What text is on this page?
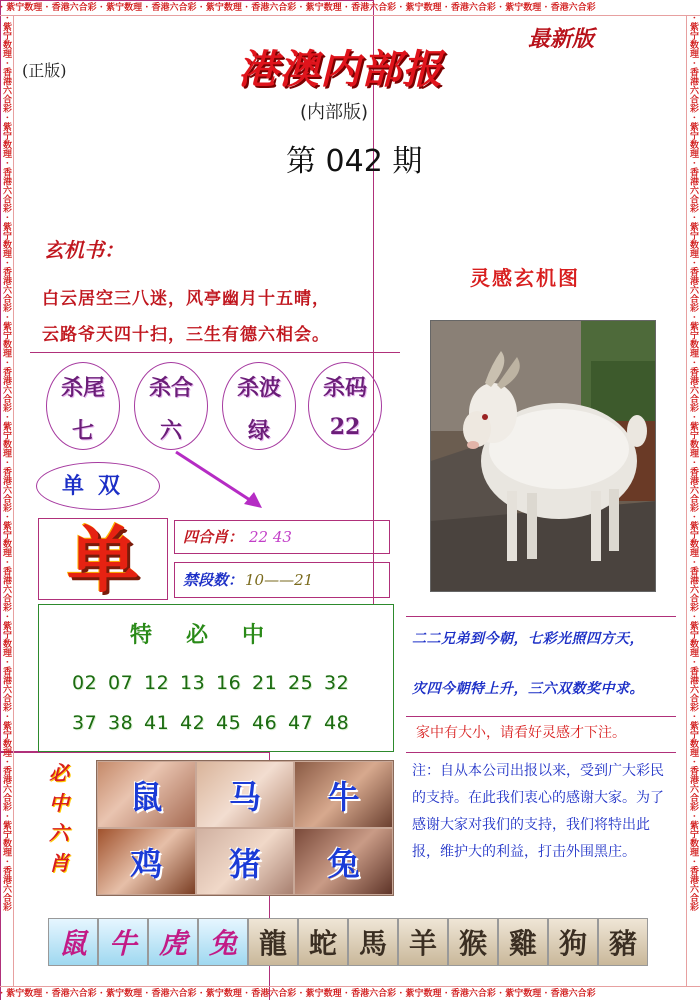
· 紫宁数理 · 香港六合彩 · 紫宁数理 · 香港六合彩 · 紫宁数理 · 香港六合彩 · 紫宁数理 · 香港六合彩 · 紫宁数理 · 香港六合彩 · 紫宁数理 · 香港六合彩
· 紫宁数理 · 香港六合彩 · 紫宁数理 · 香港六合彩 · 紫宁数理 · 香港六合彩 · 紫宁数理 · 香港六合彩 · 紫宁数理 · 香港六合彩 · 紫宁数理 · 香港六合彩
· 紫宁数理 · 香港六合彩 · 紫宁数理 · 香港六合彩 · 紫宁数理 · 香港六合彩 · 紫宁数理 · 香港六合彩 · 紫宁数理 · 香港六合彩 · 紫宁数理 · 香港六合彩 · 紫宁数理 · 香港六合彩 · 紫宁数理 · 香港六合彩 · 紫宁数理 · 香港六合彩	· 紫宁数理 · 香港六合彩 · 紫宁数理 · 香港六合彩 · 紫宁数理 · 香港六合彩 · 紫宁数理 · 香港六合彩 · 紫宁数理 · 香港六合彩 · 紫宁数理 · 香港六合彩 · 紫宁数理 · 香港六合彩 · 紫宁数理 · 香港六合彩 · 紫宁数理 · 香港六合彩
(正版)
最新版
港澳内部报
(内部版)
第 042 期
玄机书：
白云居空三八迷，风亭幽月十五晴，
云路爷天四十扫，三生有德六相会。
杀尾
七
杀合
六
杀波
绿
杀码
22
单双
单	四合肖： 22 43
禁段数： 10——21
特必中
02 07 12 13 16 21 25 32
37 38 41 42 45 46 47 48
必
中
六
肖
鼠	马	牛
鸡	猪	兔
灵感玄机图
二二兄弟到今朝，七彩光照四方天，
灾四今朝特上升，三六双数奖中求。
家中有大小，请看好灵感才下注。
注：自从本公司出报以来，受到广大彩民的支持。在此我们衷心的感谢大家。为了感谢大家对我们的支持，我们将特出此报，维护大的利益，打击外围黑庄。
鼠 牛 虎 兔 龍 蛇 馬 羊 猴 雞 狗 豬
